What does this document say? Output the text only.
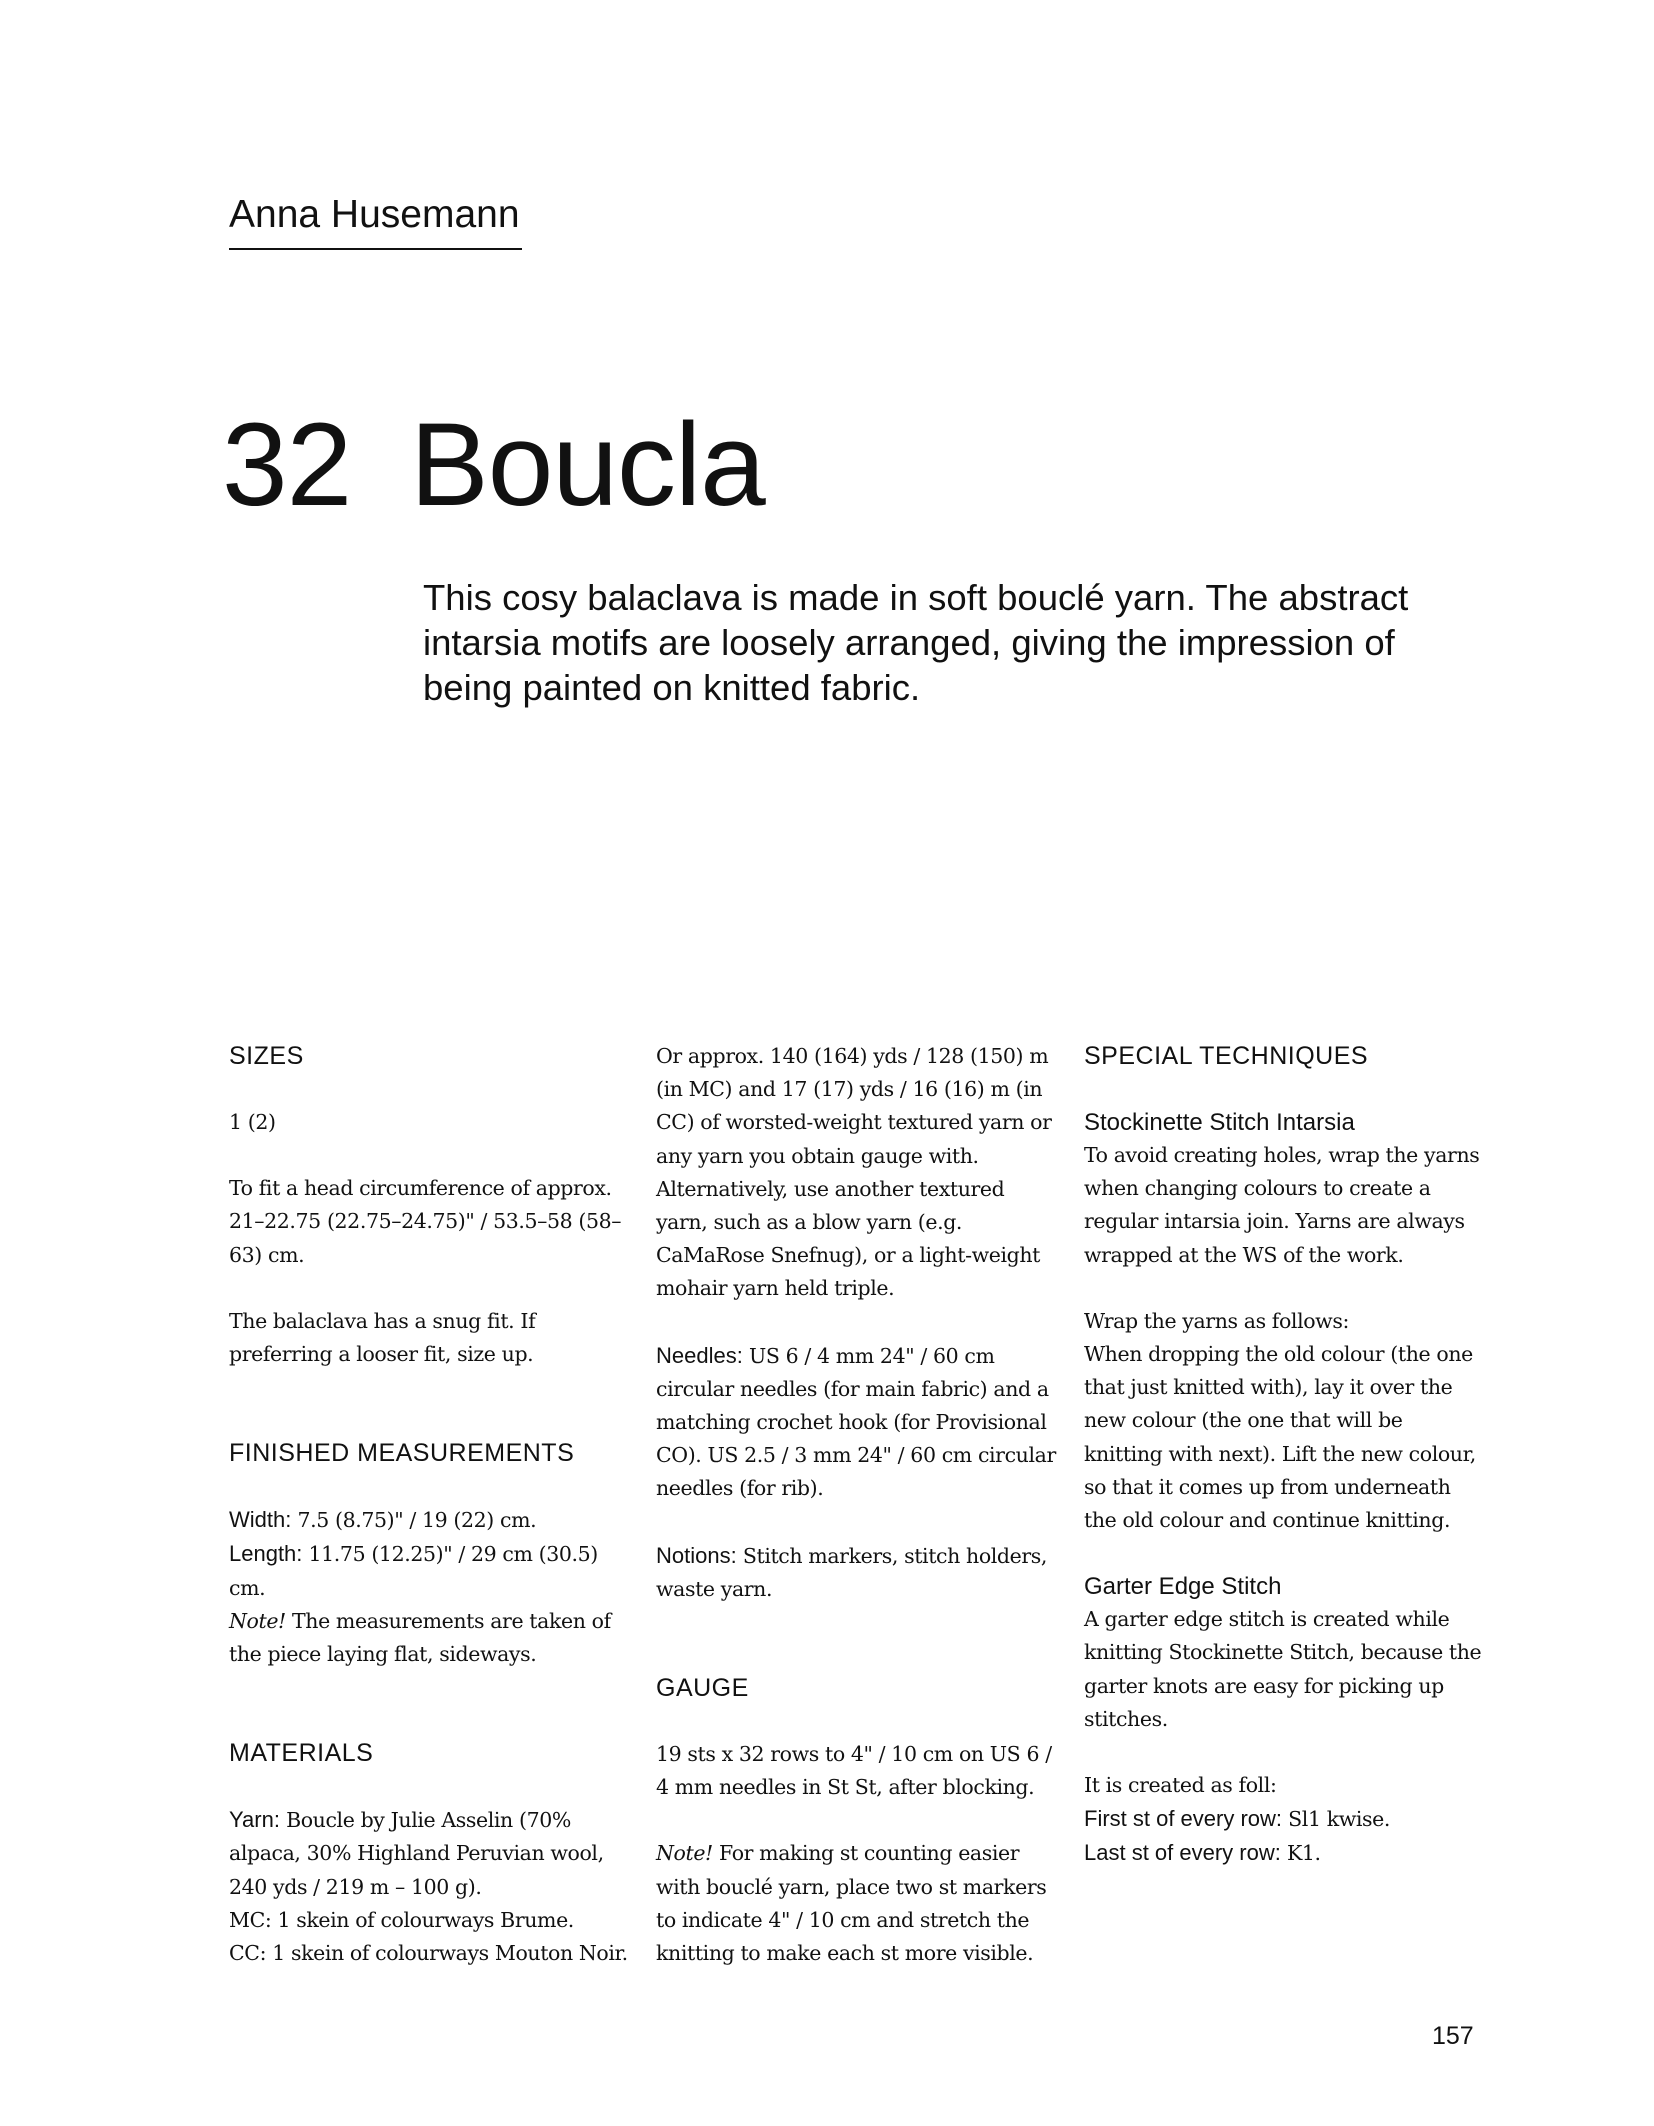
Anna Husemann
32 Boucla
This cosy balaclava is made in soft bouclé yarn. The abstract intarsia motifs are loosely arranged, giving the impression of being painted on knitted fabric.
SIZES

1 (2)

To fit a head circumference of approx. 21–22.75 (22.75–24.75)" / 53.5–58 (58–63) cm.

The balaclava has a snug fit. If preferring a looser fit, size up.

FINISHED MEASUREMENTS

Width: 7.5 (8.75)" / 19 (22) cm.

Length: 11.75 (12.25)" / 29 cm (30.5) cm.

Note! The measurements are taken of the piece laying flat, sideways.

MATERIALS

Yarn: Boucle by Julie Asselin (70% alpaca, 30% Highland Peruvian wool, 240 yds / 219 m – 100 g).

MC: 1 skein of colourways Brume.

CC: 1 skein of colourways Mouton Noir.

Or approx. 140 (164) yds / 128 (150) m (in MC) and 17 (17) yds / 16 (16) m (in CC) of worsted-weight textured yarn or any yarn you obtain gauge with. Alternatively, use another textured yarn, such as a blow yarn (e.g. CaMaRose Snefnug), or a light-weight mohair yarn held triple.

Needles: US 6 / 4 mm 24" / 60 cm circular needles (for main fabric) and a matching crochet hook (for Provisional CO). US 2.5 / 3 mm 24" / 60 cm circular needles (for rib).

Notions: Stitch markers, stitch holders, waste yarn.

GAUGE

19 sts x 32 rows to 4" / 10 cm on US 6 / 4 mm needles in St St, after blocking.

Note! For making st counting easier with bouclé yarn, place two st markers to indicate 4" / 10 cm and stretch the knitting to make each st more visible.

SPECIAL TECHNIQUES
Stockinette Stitch Intarsia

To avoid creating holes, wrap the yarns when changing colours to create a regular intarsia join. Yarns are always wrapped at the WS of the work.

Wrap the yarns as follows:

When dropping the old colour (the one that just knitted with), lay it over the new colour (the one that will be knitting with next). Lift the new colour, so that it comes up from underneath the old colour and continue knitting.

Garter Edge Stitch

A garter edge stitch is created while knitting Stockinette Stitch, because the garter knots are easy for picking up stitches.

It is created as foll:

First st of every row: Sl1 kwise.

Last st of every row: K1.

157
